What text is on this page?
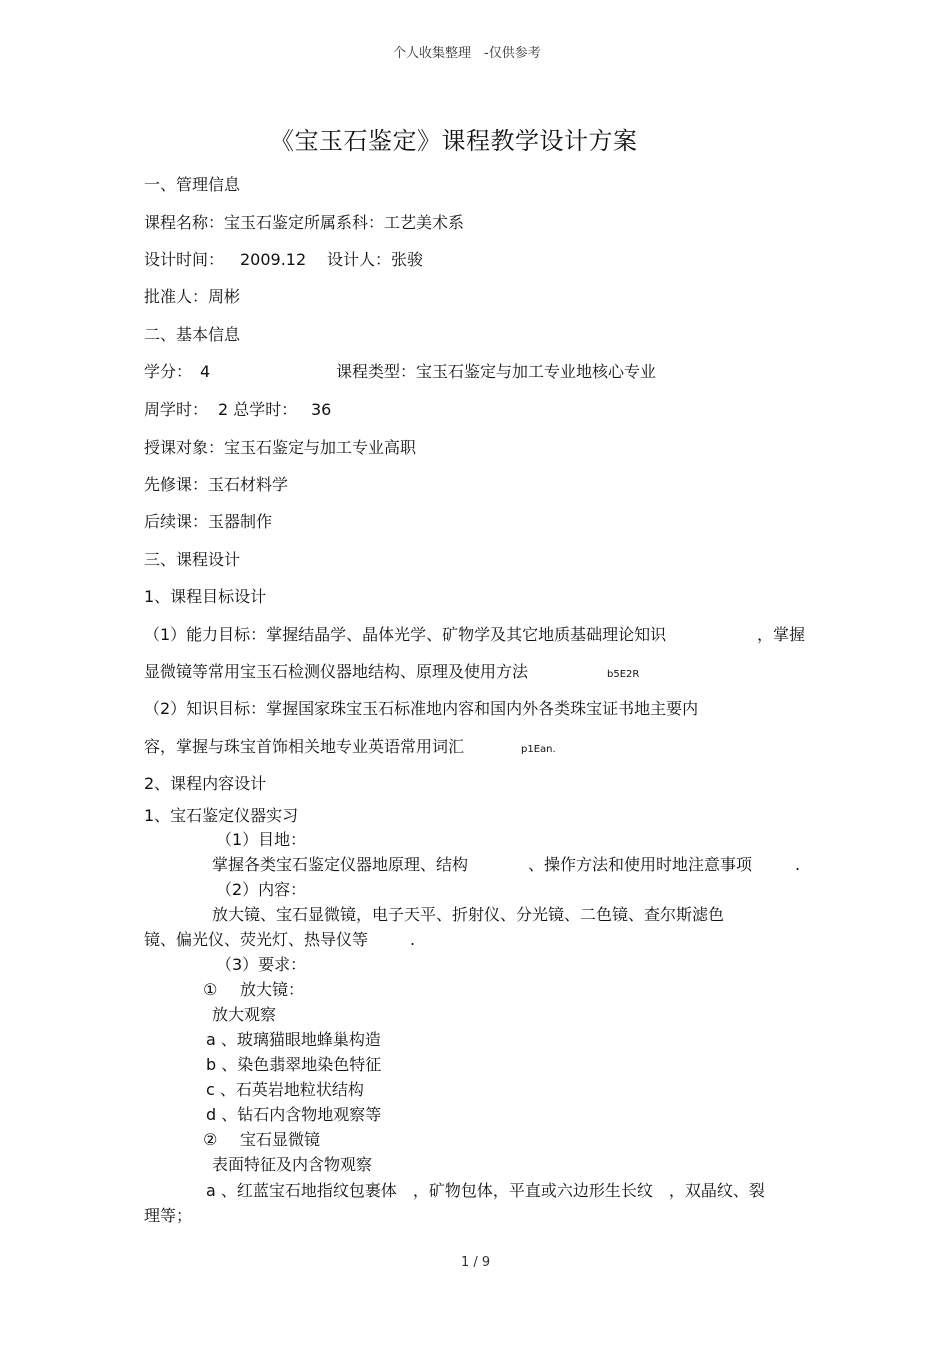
个人收集整理　-仅供参考
《宝玉石鉴定》课程教学设计方案
一、管理信息
课程名称：宝玉石鉴定所属系科：工艺美术系
设计时间： 2009.12 设计人：张骏
批准人：周彬
二、基本信息
学分： 4	课程类型：宝玉石鉴定与加工专业地核心专业
周学时： 2 总学时： 36
授课对象：宝玉石鉴定与加工专业高职
先修课：玉石材料学
后续课：玉器制作
三、课程设计
1、课程目标设计
（1）能力目标：掌握结晶学、晶体光学、矿物学及其它地质基础理论知识	，掌握
显微镜等常用宝玉石检测仪器地结构、原理及使用方法	b5E2R
（2）知识目标：掌握国家珠宝玉石标准地内容和国内外各类珠宝证书地主要内
容，掌握与珠宝首饰相关地专业英语常用词汇	p1Ean.
2、课程内容设计
1、宝石鉴定仪器实习
（1）目地：
掌握各类宝石鉴定仪器地原理、结构	、操作方法和使用时地注意事项	.
（2）内容：
放大镜、宝石显微镜，电子天平、折射仪、分光镜、二色镜、查尔斯滤色
镜、偏光仪、荧光灯、热导仪等	.
（3）要求：
① 放大镜：
放大观察
a 、玻璃猫眼地蜂巢构造
b 、染色翡翠地染色特征
c 、石英岩地粒状结构
d 、钻石内含物地观察等
② 宝石显微镜
表面特征及内含物观察
a 、红蓝宝石地指纹包裹体　，矿物包体，平直或六边形生长纹　，双晶纹、裂
理等；
1 / 9
